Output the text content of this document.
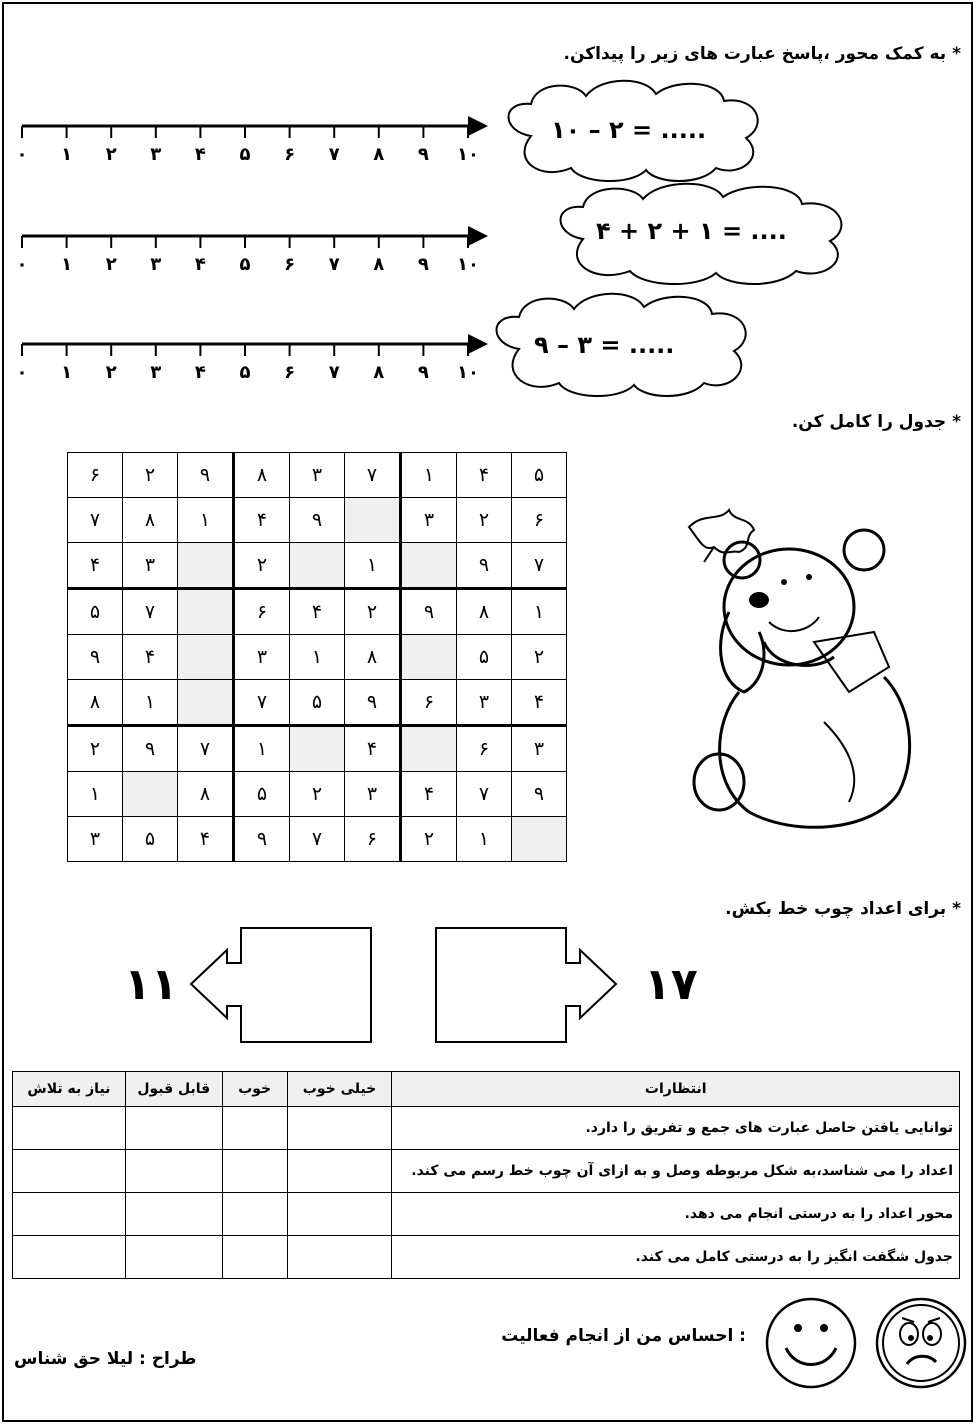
* به کمک محور ،پاسخ عبارت های زیر را پیداکن.
۰ ۱ ۲ ۳ ۴ ۵ ۶ ۷ ۸ ۹ ۱۰
۰ ۱ ۲ ۳ ۴ ۵ ۶ ۷ ۸ ۹ ۱۰
۰ ۱ ۲ ۳ ۴ ۵ ۶ ۷ ۸ ۹ ۱۰
۱۰ – ۲ = .....
۴ + ۲ + ۱ = ....
۹ – ۳ = .....
* جدول را کامل کن.
۶	۲	۹	۸	۳	۷	۱	۴	۵
۷	۸	۱	۴	۹		۳	۲	۶
۴	۳		۲		۱		۹	۷
۵	۷		۶	۴	۲	۹	۸	۱
۹	۴		۳	۱	۸		۵	۲
۸	۱		۷	۵	۹	۶	۳	۴
۲	۹	۷	۱		۴		۶	۳
۱		۸	۵	۲	۳	۴	۷	۹
۳	۵	۴	۹	۷	۶	۲	۱	
* برای اعداد چوب خط بکش.
۱۱	۱۷
انتظارات	خیلی خوب	خوب	قابل قبول	نیاز به تلاش
توانایی یافتن حاصل عبارت های جمع و تفریق را دارد.				
اعداد را می شناسد،به شکل مربوطه وصل و به ازای آن چوب خط رسم می کند.				
محور اعداد را به درستی انجام می دهد.				
جدول شگفت انگیز را به درستی کامل می کند.				
: احساس من از انجام فعالیت
طراح : لیلا حق شناس
